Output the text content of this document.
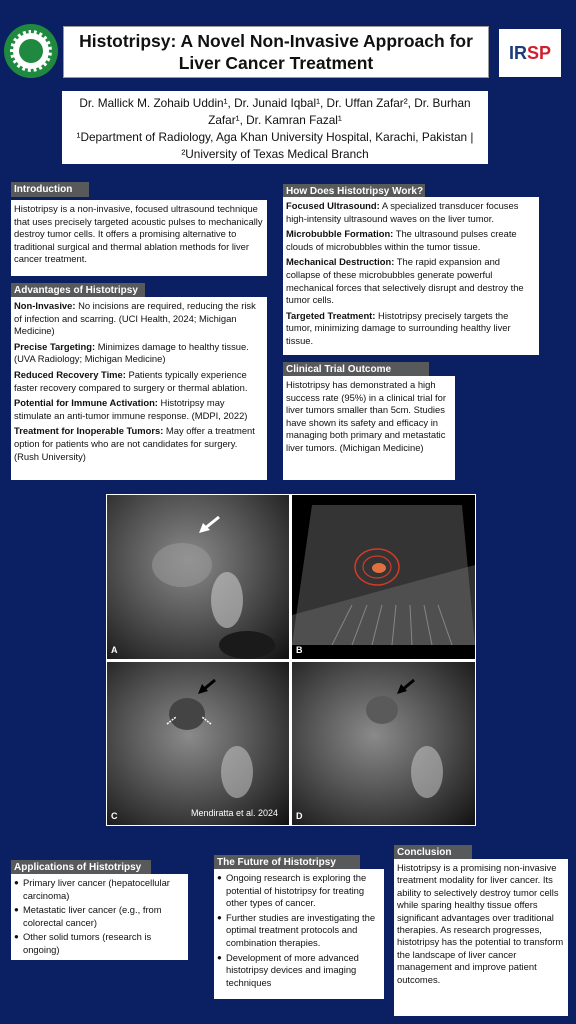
IR SP
Histotripsy: A Novel Non-Invasive Approach for
Liver Cancer Treatment
Dr. Mallick M. Zohaib Uddin¹, Dr. Junaid Iqbal¹, Dr. Uffan Zafar², Dr. Burhan
Zafar¹, Dr. Kamran Fazal¹
¹Department of Radiology, Aga Khan University Hospital, Karachi, Pakistan |
²University of Texas Medical Branch
Introduction

Histotripsy is a non-invasive, focused ultrasound technique that uses precisely targeted acoustic pulses to mechanically destroy tumor cells. It offers a promising alternative to traditional surgical and thermal ablation methods for liver cancer treatment.

Advantages of Histotripsy

Non-Invasive: No incisions are required, reducing the risk of infection and scarring. (UCI Health, 2024; Michigan Medicine)

Precise Targeting: Minimizes damage to healthy tissue. (UVA Radiology; Michigan Medicine)

Reduced Recovery Time: Patients typically experience faster recovery compared to surgery or thermal ablation.

Potential for Immune Activation: Histotripsy may stimulate an anti-tumor immune response. (MDPI, 2022)

Treatment for Inoperable Tumors: May offer a treatment option for patients who are not candidates for surgery. (Rush University)

How Does Histotripsy Work?

Focused Ultrasound: A specialized transducer focuses high-intensity ultrasound waves on the liver tumor.

Microbubble Formation: The ultrasound pulses create clouds of microbubbles within the tumor tissue.

Mechanical Destruction: The rapid expansion and collapse of these microbubbles generate powerful mechanical forces that selectively disrupt and destroy the tumor cells.

Targeted Treatment: Histotripsy precisely targets the tumor, minimizing damage to surrounding healthy liver tissue.

Clinical Trial Outcome

Histotripsy has demonstrated a high success rate (95%) in a clinical trial for liver tumors smaller than 5cm. Studies have shown its safety and efficacy in managing both primary and metastatic liver tumors. (Michigan Medicine)

A	B
C	Mendiratta et al. 2024 D
Applications of Histotripsy
● Primary liver cancer (hepatocellular carcinoma)
● Metastatic liver cancer (e.g., from colorectal cancer)
● Other solid tumors (research is ongoing)
The Future of Histotripsy
● Ongoing research is exploring the potential of histotripsy for treating other types of cancer.
● Further studies are investigating the optimal treatment protocols and combination therapies.
● Development of more advanced histotripsy devices and imaging techniques
Conclusion

Histotripsy is a promising non-invasive treatment modality for liver cancer. Its ability to selectively destroy tumor cells while sparing healthy tissue offers significant advantages over traditional therapies. As research progresses, histotripsy has the potential to transform the landscape of liver cancer management and improve patient outcomes.
